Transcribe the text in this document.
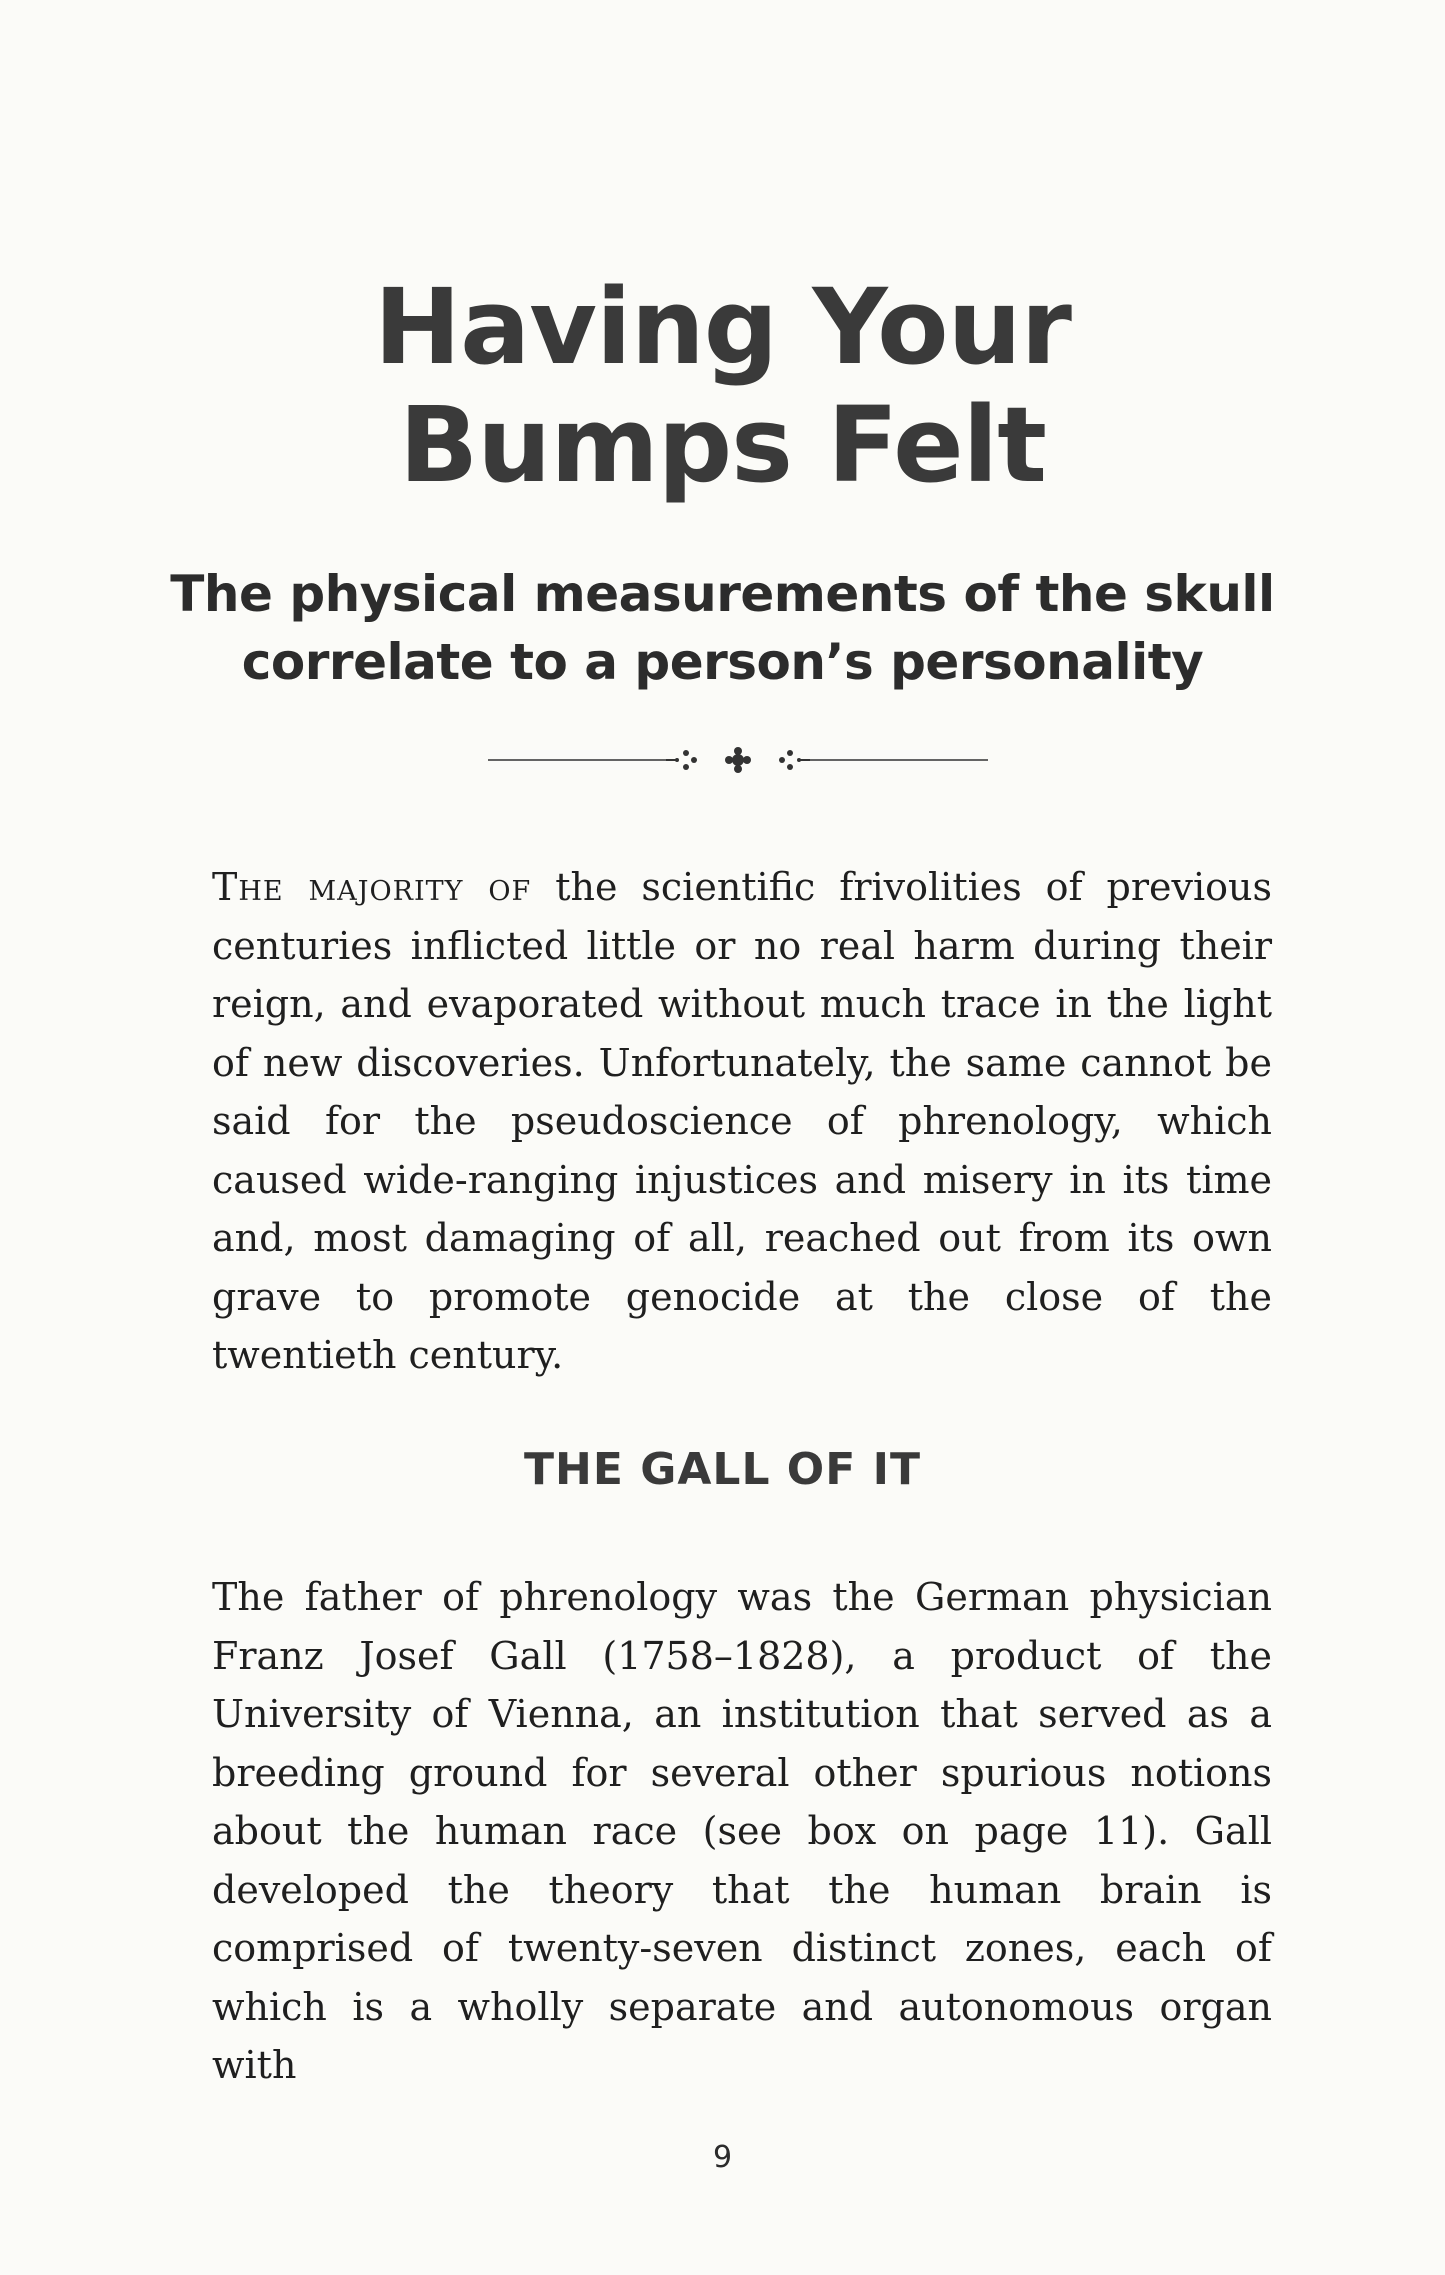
Having Your
Bumps Felt
The physical measurements of the skull
correlate to a person’s personality

The majority of the scientific frivolities of previous centuries inflicted little or no real harm during their reign, and evaporated without much trace in the light of new discoveries. Unfortunately, the same cannot be said for the pseudoscience of phrenology, which caused wide-ranging injustices and misery in its time and, most damaging of all, reached out from its own grave to promote genocide at the close of the twentieth century.

THE GALL OF IT

The father of phrenology was the German physician Franz Josef Gall (1758–1828), a product of the University of Vienna, an institution that served as a breeding ground for several other spurious notions about the human race (see box on page 11). Gall developed the theory that the human brain is comprised of twenty-seven distinct zones, each of which is a wholly separate and autonomous organ with

9
